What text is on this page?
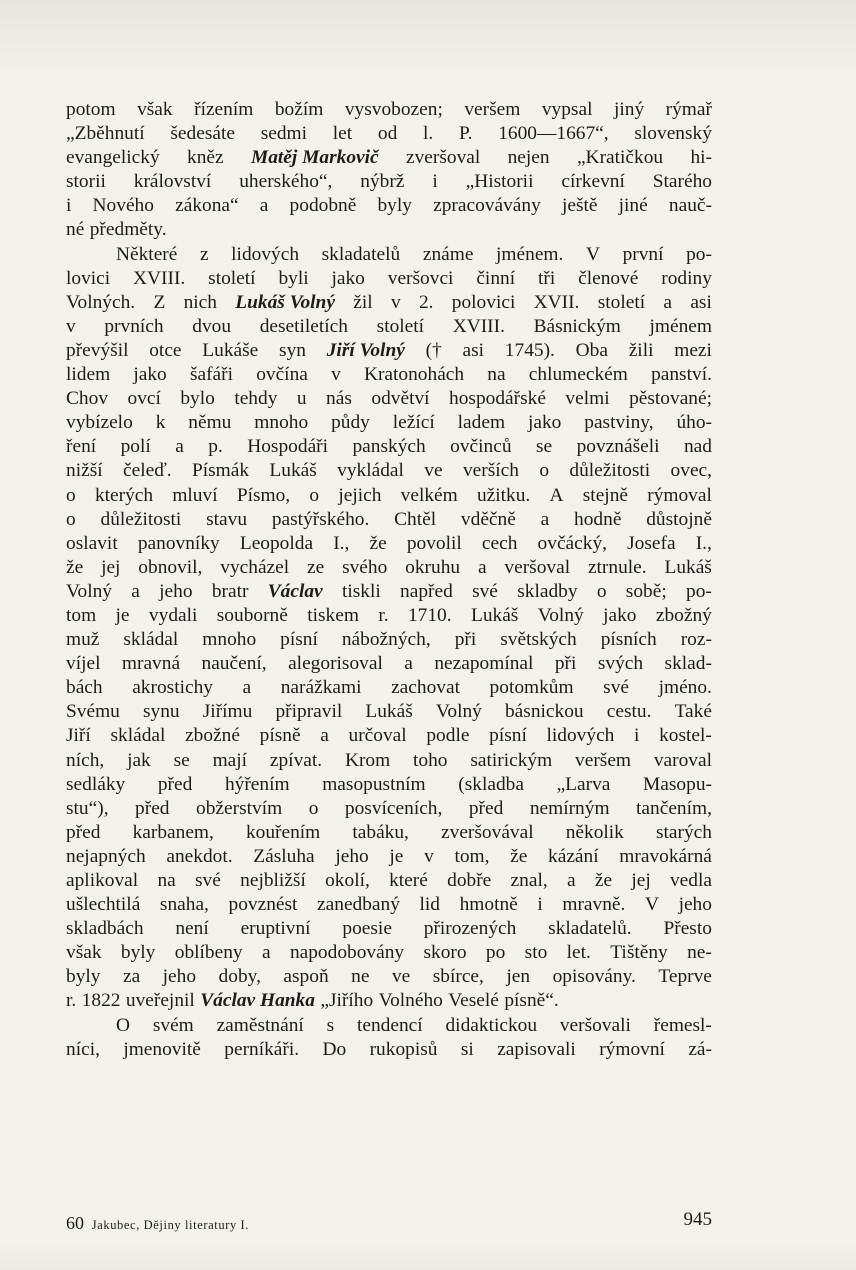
potom však řízením božím vysvobozen; veršem vypsal jiný rýmař
„Zběhnutí šedesáte sedmi let od l. P. 1600—1667“, slovenský
evangelický kněz Matěj Markovič zveršoval nejen „Kratičkou hi-
storii království uherského“, nýbrž i „Historii církevní Starého
i Nového zákona“ a podobně byly zpracovávány ještě jiné nauč-
né předměty.
Některé z lidových skladatelů známe jménem. V první po-
lovici XVIII. století byli jako veršovci činní tři členové rodiny
Volných. Z nich Lukáš Volný žil v 2. polovici XVII. století a asi
v prvních dvou desetiletích století XVIII. Básnickým jménem
převýšil otce Lukáše syn Jiří Volný († asi 1745). Oba žili mezi
lidem jako šafáři ovčína v Kratonohách na chlumeckém panství.
Chov ovcí bylo tehdy u nás odvětví hospodářské velmi pěstované;
vybízelo k němu mnoho půdy ležící ladem jako pastviny, úho-
ření polí a p. Hospodáři panských ovčinců se povznášeli nad
nižší čeleď. Písmák Lukáš vykládal ve verších o důležitosti ovec,
o kterých mluví Písmo, o jejich velkém užitku. A stejně rýmoval
o důležitosti stavu pastýřského. Chtěl vděčně a hodně důstojně
oslavit panovníky Leopolda I., že povolil cech ovčácký, Josefa I.,
že jej obnovil, vycházel ze svého okruhu a veršoval ztrnule. Lukáš
Volný a jeho bratr Václav tiskli napřed své skladby o sobě; po-
tom je vydali souborně tiskem r. 1710. Lukáš Volný jako zbožný
muž skládal mnoho písní nábožných, při světských písních roz-
víjel mravná naučení, alegorisoval a nezapomínal při svých sklad-
bách akrostichy a narážkami zachovat potomkům své jméno.
Svému synu Jiřímu připravil Lukáš Volný básnickou cestu. Také
Jiří skládal zbožné písně a určoval podle písní lidových i kostel-
ních, jak se mají zpívat. Krom toho satirickým veršem varoval
sedláky před hýřením masopustním (skladba „Larva Masopu-
stu“), před obžerstvím o posvíceních, před nemírným tančením,
před karbanem, kouřením tabáku, zveršovával několik starých
nejapných anekdot. Zásluha jeho je v tom, že kázání mravokárná
aplikoval na své nejbližší okolí, které dobře znal, a že jej vedla
ušlechtilá snaha, povznést zanedbaný lid hmotně i mravně. V jeho
skladbách není eruptivní poesie přirozených skladatelů. Přesto
však byly oblíbeny a napodobovány skoro po sto let. Tištěny ne-
byly za jeho doby, aspoň ne ve sbírce, jen opisovány. Teprve
r. 1822 uveřejnil Václav Hanka „Jiřího Volného Veselé písně“.
O svém zaměstnání s tendencí didaktickou veršovali řemesl-
níci, jmenovitě perníkáři. Do rukopisů si zapisovali rýmovní zá-
60 Jakubec, Dějiny literatury I.	945
